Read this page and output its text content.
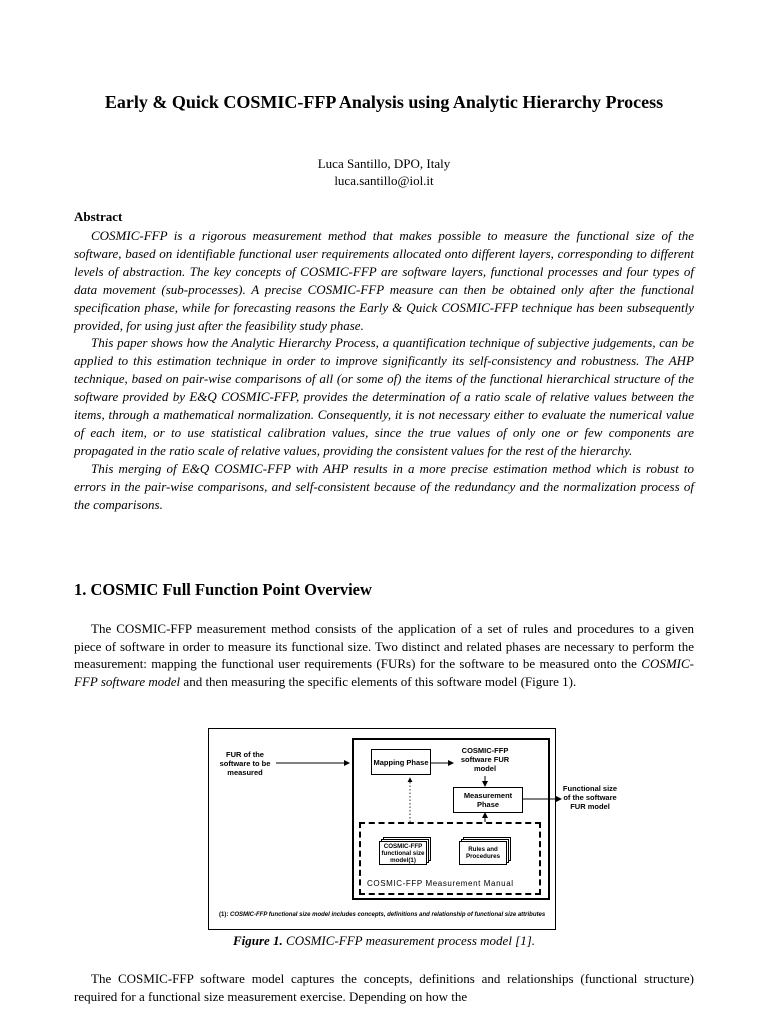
Early & Quick COSMIC-FFP Analysis using Analytic Hierarchy Process
Luca Santillo, DPO, Italy
luca.santillo@iol.it
Abstract

COSMIC-FFP is a rigorous measurement method that makes possible to measure the functional size of the software, based on identifiable functional user requirements allocated onto different layers, corresponding to different levels of abstraction. The key concepts of COSMIC-FFP are software layers, functional processes and four types of data movement (sub-processes). A precise COSMIC-FFP measure can then be obtained only after the functional specification phase, while for forecasting reasons the Early & Quick COSMIC-FFP technique has been subsequently provided, for using just after the feasibility study phase.

This paper shows how the Analytic Hierarchy Process, a quantification technique of subjective judgements, can be applied to this estimation technique in order to improve significantly its self-consistency and robustness. The AHP technique, based on pair-wise comparisons of all (or some of) the items of the functional hierarchical structure of the software provided by E&Q COSMIC-FFP, provides the determination of a ratio scale of relative values between the items, through a mathematical normalization. Consequently, it is not necessary either to evaluate the numerical value of each item, or to use statistical calibration values, since the true values of only one or few components are propagated in the ratio scale of relative values, providing the consistent values for the rest of the hierarchy.

This merging of E&Q COSMIC-FFP with AHP results in a more precise estimation method which is robust to errors in the pair-wise comparisons, and self-consistent because of the redundancy and the normalization process of the comparisons.

1. COSMIC Full Function Point Overview

The COSMIC-FFP measurement method consists of the application of a set of rules and procedures to a given piece of software in order to measure its functional size. Two distinct and related phases are necessary to perform the measurement: mapping the functional user requirements (FURs) for the software to be measured onto the COSMIC-FFP software model and then measuring the specific elements of this software model (Figure 1).

FUR of the software to be measured
Mapping Phase
COSMIC-FFP software FUR model
Measurement Phase
Functional size of the software FUR model
COSMIC-FFP functional size model(1)
Rules and Procedures
COSMIC-FFP Measurement Manual
(1): COSMIC-FFP functional size model includes concepts, definitions and relationship of functional size attributes
Figure 1. COSMIC-FFP measurement process model [1].

The COSMIC-FFP software model captures the concepts, definitions and relationships (functional structure) required for a functional size measurement exercise. Depending on how the
